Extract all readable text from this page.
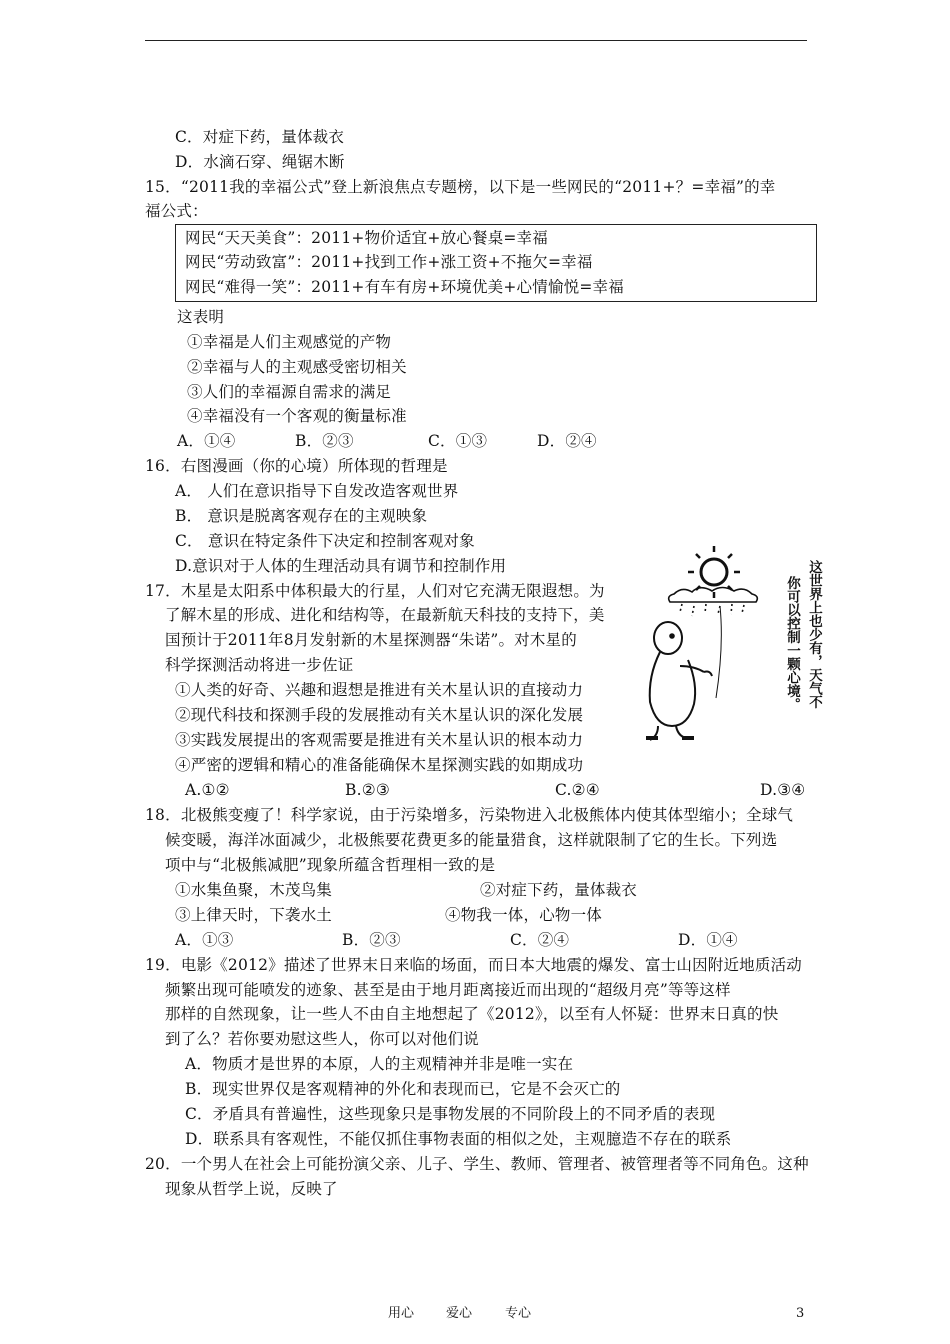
C．对症下药，量体裁衣
D．水滴石穿、绳锯木断
15．“2011我的幸福公式”登上新浪焦点专题榜，以下是一些网民的“2011+？=幸福”的幸
福公式：
网民“天天美食”：2011+物价适宜+放心餐桌=幸福
网民“劳动致富”：2011+找到工作+涨工资+不拖欠=幸福
网民“难得一笑”：2011+有车有房+环境优美+心情愉悦=幸福
这表明
①幸福是人们主观感觉的产物
②幸福与人的主观感受密切相关
③人们的幸福源自需求的满足
④幸福没有一个客观的衡量标准
A．①④	B．②③	C．①③	D．②④
16．右图漫画（你的心境）所体现的哲理是
A． 人们在意识指导下自发改造客观世界
B． 意识是脱离客观存在的主观映象
C． 意识在特定条件下决定和控制客观对象
D.意识对于人体的生理活动具有调节和控制作用
17．木星是太阳系中体积最大的行星，人们对它充满无限遐想。为
了解木星的形成、进化和结构等，在最新航天科技的支持下，美
国预计于2011年8月发射新的木星探测器“朱诺”。对木星的
科学探测活动将进一步佐证
①人类的好奇、兴趣和遐想是推进有关木星认识的直接动力
②现代科技和探测手段的发展推动有关木星认识的深化发展
③实践发展提出的客观需要是推进有关木星认识的根本动力
④严密的逻辑和精心的准备能确保木星探测实践的如期成功
A.①②	B.②③	C.②④	D.③④
这世界上也少有，天气不
你可以控制一颗心境。
18．北极熊变瘦了！科学家说，由于污染增多，污染物进入北极熊体内使其体型缩小；全球气
候变暖，海洋冰面减少，北极熊要花费更多的能量猎食，这样就限制了它的生长。下列选
项中与“北极熊减肥”现象所蕴含哲理相一致的是
①水集鱼聚，木茂鸟集	②对症下药，量体裁衣
③上律天时，下袭水土	④物我一体，心物一体
A．①③	B．②③	C．②④	D．①④
19．电影《2012》描述了世界末日来临的场面，而日本大地震的爆发、富士山因附近地质活动
频繁出现可能喷发的迹象、甚至是由于地月距离接近而出现的“超级月亮”等等这样
那样的自然现象，让一些人不由自主地想起了《2012》，以至有人怀疑：世界末日真的快
到了么？若你要劝慰这些人，你可以对他们说
A．物质才是世界的本原，人的主观精神并非是唯一实在
B．现实世界仅是客观精神的外化和表现而已，它是不会灭亡的
C．矛盾具有普遍性，这些现象只是事物发展的不同阶段上的不同矛盾的表现
D．联系具有客观性，不能仅抓住事物表面的相似之处，主观臆造不存在的联系
20．一个男人在社会上可能扮演父亲、儿子、学生、教师、管理者、被管理者等不同角色。这种
现象从哲学上说，反映了
用心 爱心	专心	3
